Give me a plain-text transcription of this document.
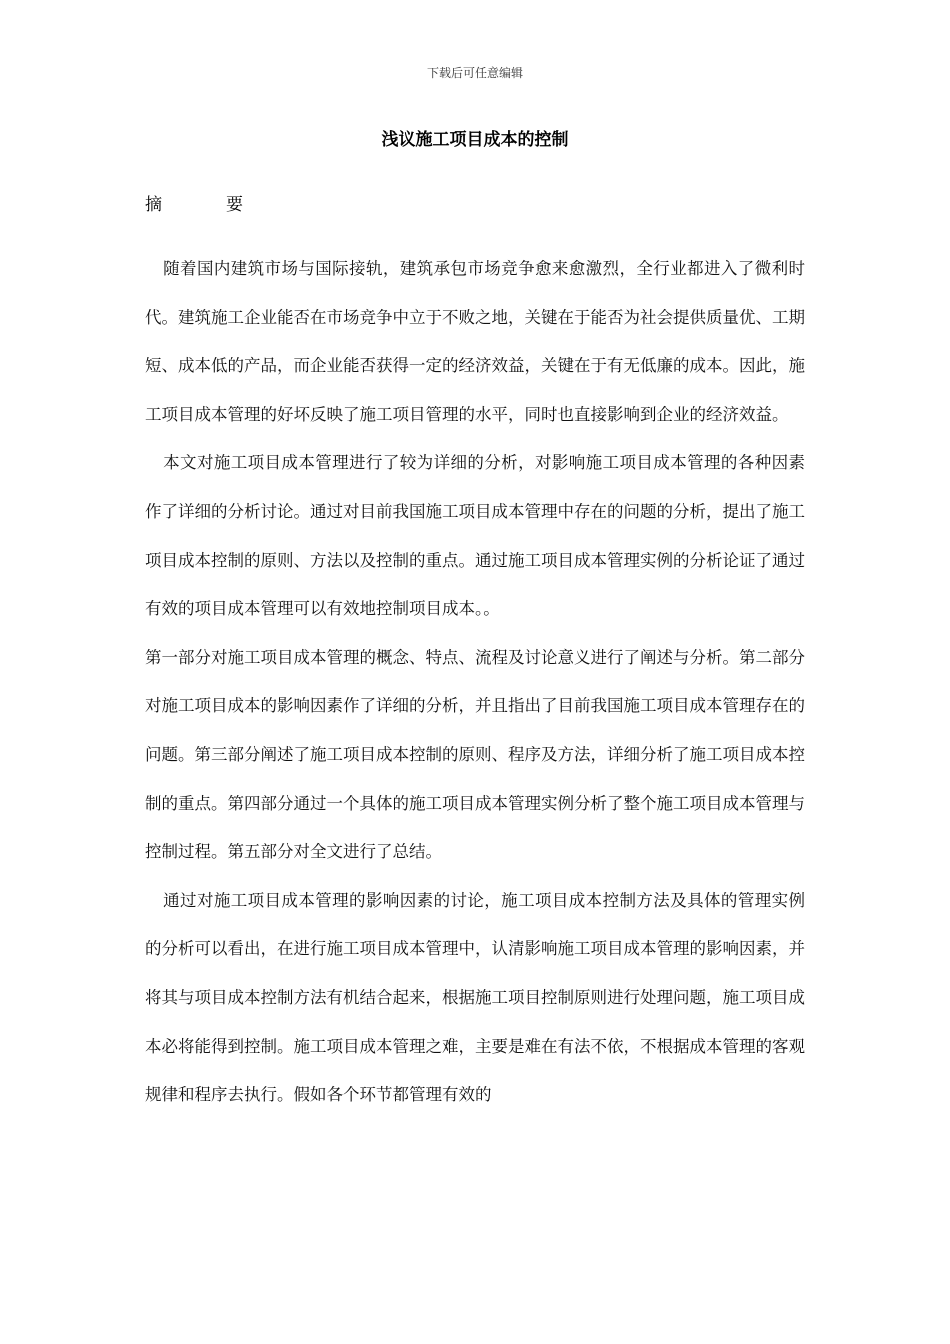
下载后可任意编辑
浅议施工项目成本的控制
摘	要

随着国内建筑市场与国际接轨，建筑承包市场竞争愈来愈激烈，全行业都进入了微利时代。建筑施工企业能否在市场竞争中立于不败之地，关键在于能否为社会提供质量优、工期短、成本低的产品，而企业能否获得一定的经济效益，关键在于有无低廉的成本。因此，施工项目成本管理的好坏反映了施工项目管理的水平，同时也直接影响到企业的经济效益。

本文对施工项目成本管理进行了较为详细的分析，对影响施工项目成本管理的各种因素作了详细的分析讨论。通过对目前我国施工项目成本管理中存在的问题的分析，提出了施工项目成本控制的原则、方法以及控制的重点。通过施工项目成本管理实例的分析论证了通过有效的项目成本管理可以有效地控制项目成本。。

第一部分对施工项目成本管理的概念、特点、流程及讨论意义进行了阐述与分析。第二部分对施工项目成本的影响因素作了详细的分析，并且指出了目前我国施工项目成本管理存在的问题。第三部分阐述了施工项目成本控制的原则、程序及方法，详细分析了施工项目成本控制的重点。第四部分通过一个具体的施工项目成本管理实例分析了整个施工项目成本管理与控制过程。第五部分对全文进行了总结。

通过对施工项目成本管理的影响因素的讨论，施工项目成本控制方法及具体的管理实例的分析可以看出，在进行施工项目成本管理中，认清影响施工项目成本管理的影响因素，并将其与项目成本控制方法有机结合起来，根据施工项目控制原则进行处理问题，施工项目成本必将能得到控制。施工项目成本管理之难，主要是难在有法不依，不根据成本管理的客观规律和程序去执行。假如各个环节都管理有效的
